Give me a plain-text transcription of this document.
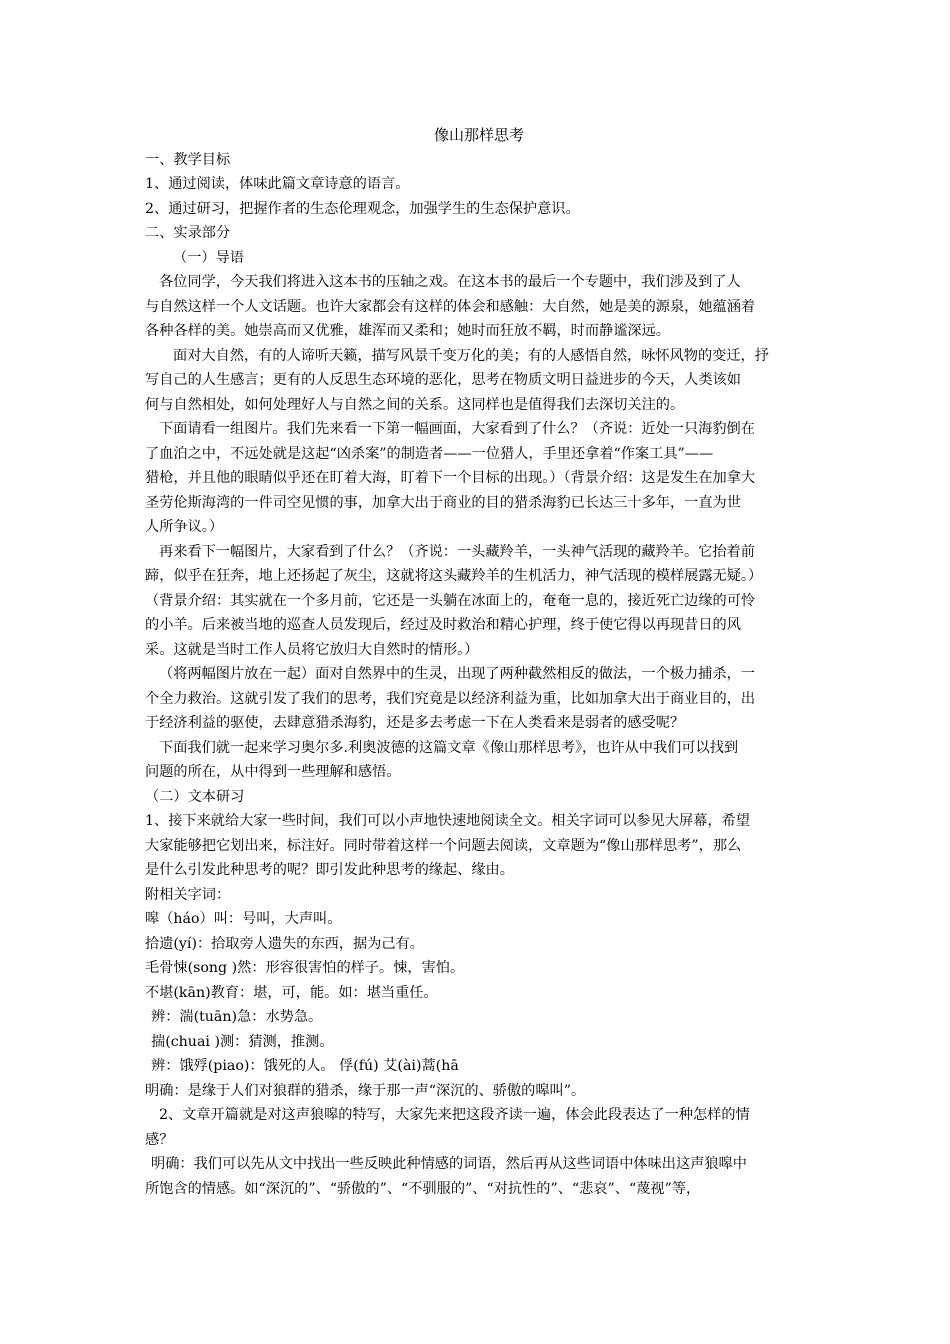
像山那样思考

一、教学目标

1、通过阅读，体味此篇文章诗意的语言。

2、通过研习，把握作者的生态伦理观念，加强学生的生态保护意识。

二、实录部分

（一）导语

各位同学，今天我们将进入这本书的压轴之戏。在这本书的最后一个专题中，我们涉及到了人

与自然这样一个人文话题。也许大家都会有这样的体会和感触：大自然，她是美的源泉，她蕴涵着

各种各样的美。她崇高而又优雅，雄浑而又柔和；她时而狂放不羁，时而静谧深远。

面对大自然，有的人谛听天籁，描写风景千变万化的美；有的人感悟自然，咏怀风物的变迁，抒

写自己的人生感言；更有的人反思生态环境的恶化，思考在物质文明日益进步的今天，人类该如

何与自然相处，如何处理好人与自然之间的关系。这同样也是值得我们去深切关注的。

下面请看一组图片。我们先来看一下第一幅画面，大家看到了什么？（齐说：近处一只海豹倒在

了血泊之中，不远处就是这起“凶杀案”的制造者——一位猎人，手里还拿着“作案工具”——

猎枪，并且他的眼睛似乎还在盯着大海，盯着下一个目标的出现。）（背景介绍：这是发生在加拿大

圣劳伦斯海湾的一件司空见惯的事，加拿大出于商业的目的猎杀海豹已长达三十多年，一直为世

人所争议。）

再来看下一幅图片，大家看到了什么？（齐说：一头藏羚羊，一头神气活现的藏羚羊。它抬着前

蹄，似乎在狂奔，地上还扬起了灰尘，这就将这头藏羚羊的生机活力，神气活现的模样展露无疑。）

（背景介绍：其实就在一个多月前，它还是一头躺在冰面上的，奄奄一息的，接近死亡边缘的可怜

的小羊。后来被当地的巡查人员发现后，经过及时救治和精心护理，终于使它得以再现昔日的风

采。这就是当时工作人员将它放归大自然时的情形。）

（将两幅图片放在一起）面对自然界中的生灵，出现了两种截然相反的做法，一个极力捕杀，一

个全力救治。这就引发了我们的思考，我们究竟是以经济利益为重，比如加拿大出于商业目的，出

于经济利益的驱使，去肆意猎杀海豹，还是多去考虑一下在人类看来是弱者的感受呢？

下面我们就一起来学习奥尔多.利奥波德的这篇文章《像山那样思考》，也许从中我们可以找到

问题的所在，从中得到一些理解和感悟。

（二）文本研习

1、接下来就给大家一些时间，我们可以小声地快速地阅读全文。相关字词可以参见大屏幕，希望

大家能够把它划出来，标注好。同时带着这样一个问题去阅读，文章题为“像山那样思考”，那么

是什么引发此种思考的呢？即引发此种思考的缘起、缘由。

附相关字词：

嗥（háo）叫：号叫，大声叫。

拾遗(yí)：拾取旁人遗失的东西，据为己有。

毛骨悚(song )然：形容很害怕的样子。悚，害怕。

不堪(kān)教育：堪，可，能。如：堪当重任。

辨：湍(tuān)急：水势急。

揣(chuai )测：猜测，推测。

辨：饿殍(piao)：饿死的人。 俘(fú) 艾(ài)蒿(hā

明确：是缘于人们对狼群的猎杀，缘于那一声“深沉的、骄傲的嗥叫”。

2、文章开篇就是对这声狼嗥的特写，大家先来把这段齐读一遍，体会此段表达了一种怎样的情

感？

明确：我们可以先从文中找出一些反映此种情感的词语，然后再从这些词语中体味出这声狼嗥中

所饱含的情感。如“深沉的”、“骄傲的”、“不驯服的”、“对抗性的”、“悲哀”、“蔑视”等，
